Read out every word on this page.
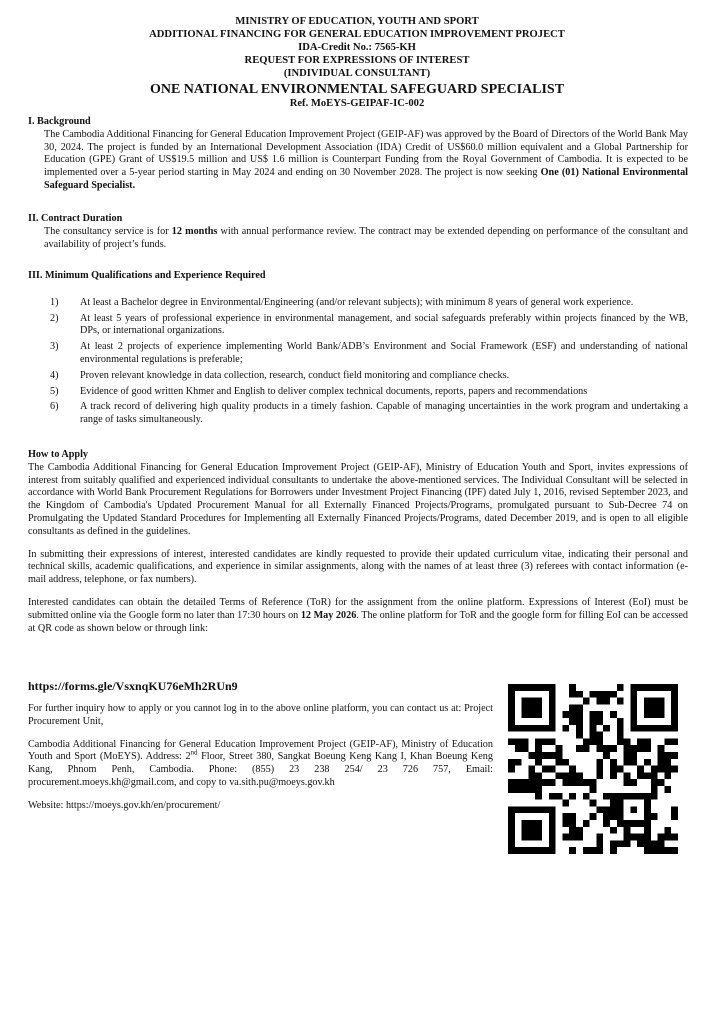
MINISTRY OF EDUCATION, YOUTH AND SPORT
ADDITIONAL FINANCING FOR GENERAL EDUCATION IMPROVEMENT PROJECT
IDA-Credit No.: 7565-KH
REQUEST FOR EXPRESSIONS OF INTEREST
(INDIVIDUAL CONSULTANT)
ONE NATIONAL ENVIRONMENTAL SAFEGUARD SPECIALIST
Ref. MoEYS-GEIPAF-IC-002
I. Background
The Cambodia Additional Financing for General Education Improvement Project (GEIP-AF) was approved by the Board of Directors of the World Bank May 30, 2024. The project is funded by an International Development Association (IDA) Credit of US$60.0 million equivalent and a Global Partnership for Education (GPE) Grant of US$19.5 million and US$ 1.6 million is Counterpart Funding from the Royal Government of Cambodia. It is expected to be implemented over a 5-year period starting in May 2024 and ending on 30 November 2028. The project is now seeking One (01) National Environmental Safeguard Specialist.
II. Contract Duration
The consultancy service is for 12 months with annual performance review. The contract may be extended depending on performance of the consultant and availability of project’s funds.
III. Minimum Qualifications and Experience Required
1) At least a Bachelor degree in Environmental/Engineering (and/or relevant subjects); with minimum 8 years of general work experience.
2) At least 5 years of professional experience in environmental management, and social safeguards preferably within projects financed by the WB, DPs, or international organizations.
3) At least 2 projects of experience implementing World Bank/ADB’s Environment and Social Framework (ESF) and understanding of national environmental regulations is preferable;
4) Proven relevant knowledge in data collection, research, conduct field monitoring and compliance checks.
5) Evidence of good written Khmer and English to deliver complex technical documents, reports, papers and recommendations
6) A track record of delivering high quality products in a timely fashion. Capable of managing uncertainties in the work program and undertaking a range of tasks simultaneously.
How to Apply
The Cambodia Additional Financing for General Education Improvement Project (GEIP-AF), Ministry of Education Youth and Sport, invites expressions of interest from suitably qualified and experienced individual consultants to undertake the above-mentioned services. The Individual Consultant will be selected in accordance with World Bank Procurement Regulations for Borrowers under Investment Project Financing (IPF) dated July 1, 2016, revised September 2023, and the Kingdom of Cambodia's Updated Procurement Manual for all Externally Financed Projects/Programs, promulgated pursuant to Sub-Decree 74 on Promulgating the Updated Standard Procedures for Implementing all Externally Financed Projects/Programs, dated December 2019, and is open to all eligible consultants as defined in the guidelines.
In submitting their expressions of interest, interested candidates are kindly requested to provide their updated curriculum vitae, indicating their personal and technical skills, academic qualifications, and experience in similar assignments, along with the names of at least three (3) referees with contact information (e-mail address, telephone, or fax numbers).
Interested candidates can obtain the detailed Terms of Reference (ToR) for the assignment from the online platform. Expressions of Interest (EoI) must be submitted online via the Google form no later than 17:30 hours on 12 May 2026. The online platform for ToR and the google form for filling EoI can be accessed at QR code as shown below or through link:
https://forms.gle/VsxnqKU76eMh2RUn9
For further inquiry how to apply or you cannot log in to the above online platform, you can contact us at: Project Procurement Unit,
Cambodia Additional Financing for General Education Improvement Project (GEIP-AF), Ministry of Education Youth and Sport (MoEYS). Address: 2nd Floor, Street 380, Sangkat Boeung Keng Kang I, Khan Boeung Keng Kang, Phnom Penh, Cambodia. Phone: (855) 23 238 254/ 23 726 757, Email: procurement.moeys.kh@gmail.com, and copy to va.sith.pu@moeys.gov.kh
Website: https://moeys.gov.kh/en/procurement/
